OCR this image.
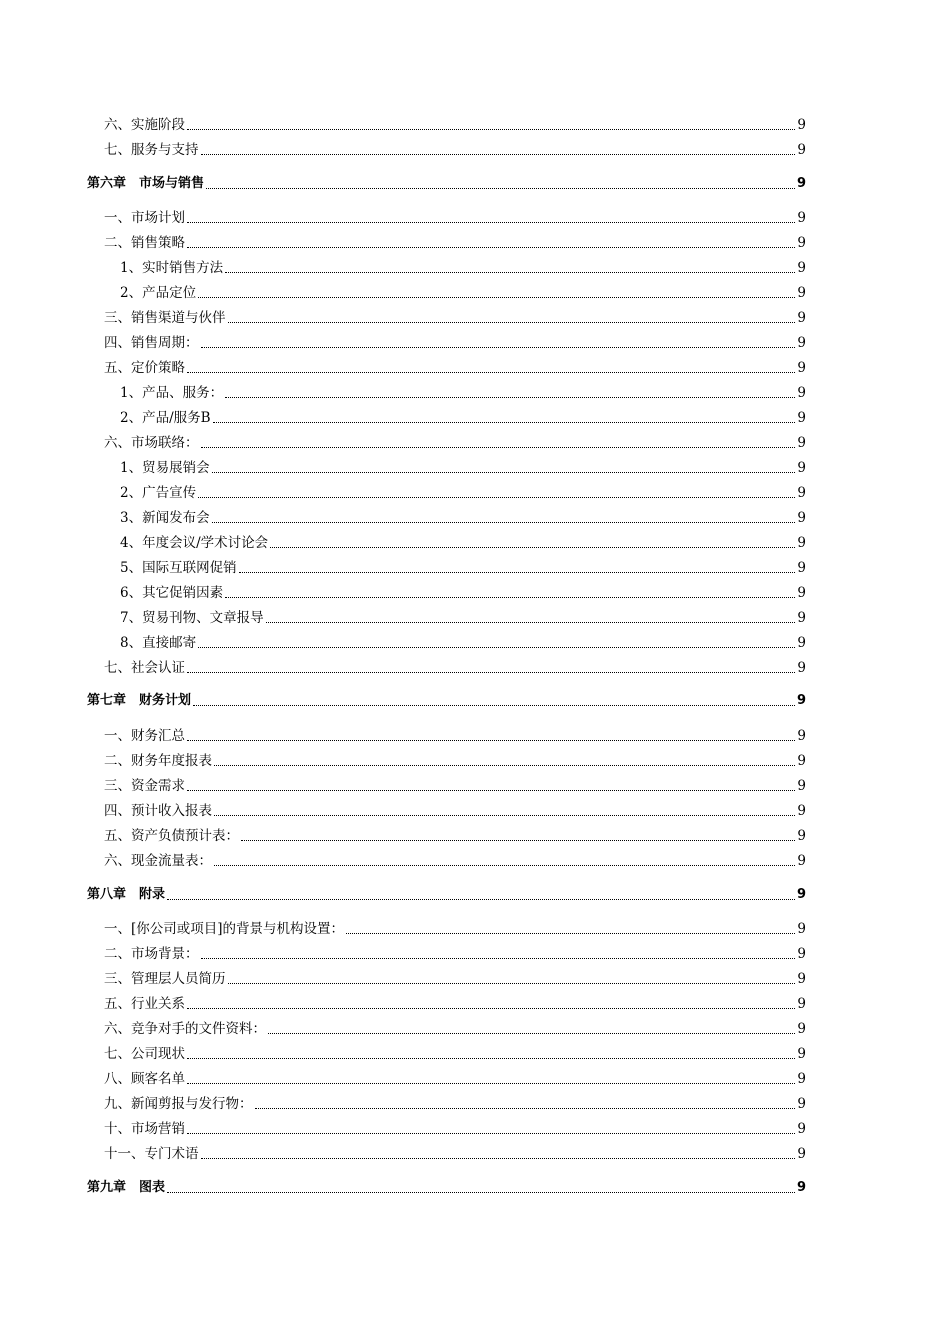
六、实施阶段	9
七、服务与支持	9
第六章　市场与销售	9
一、市场计划	9
二、销售策略	9
1、实时销售方法	9
2、产品定位	9
三、销售渠道与伙伴	9
四、销售周期：	9
五、定价策略	9
1、产品、服务：	9
2、产品/服务B	9
六、市场联络：	9
1、贸易展销会	9
2、广告宣传	9
3、新闻发布会	9
4、年度会议/学术讨论会	9
5、国际互联网促销	9
6、其它促销因素	9
7、贸易刊物、文章报导	9
8、直接邮寄	9
七、社会认证	9
第七章　财务计划	9
一、财务汇总	9
二、财务年度报表	9
三、资金需求	9
四、预计收入报表	9
五、资产负债预计表：	9
六、现金流量表：	9
第八章　附录	9
一、[你公司或项目]的背景与机构设置：	9
二、市场背景：	9
三、管理层人员简历	9
五、行业关系	9
六、竞争对手的文件资料：	9
七、公司现状	9
八、顾客名单	9
九、新闻剪报与发行物：	9
十、市场营销	9
十一、专门术语	9
第九章　图表	9
